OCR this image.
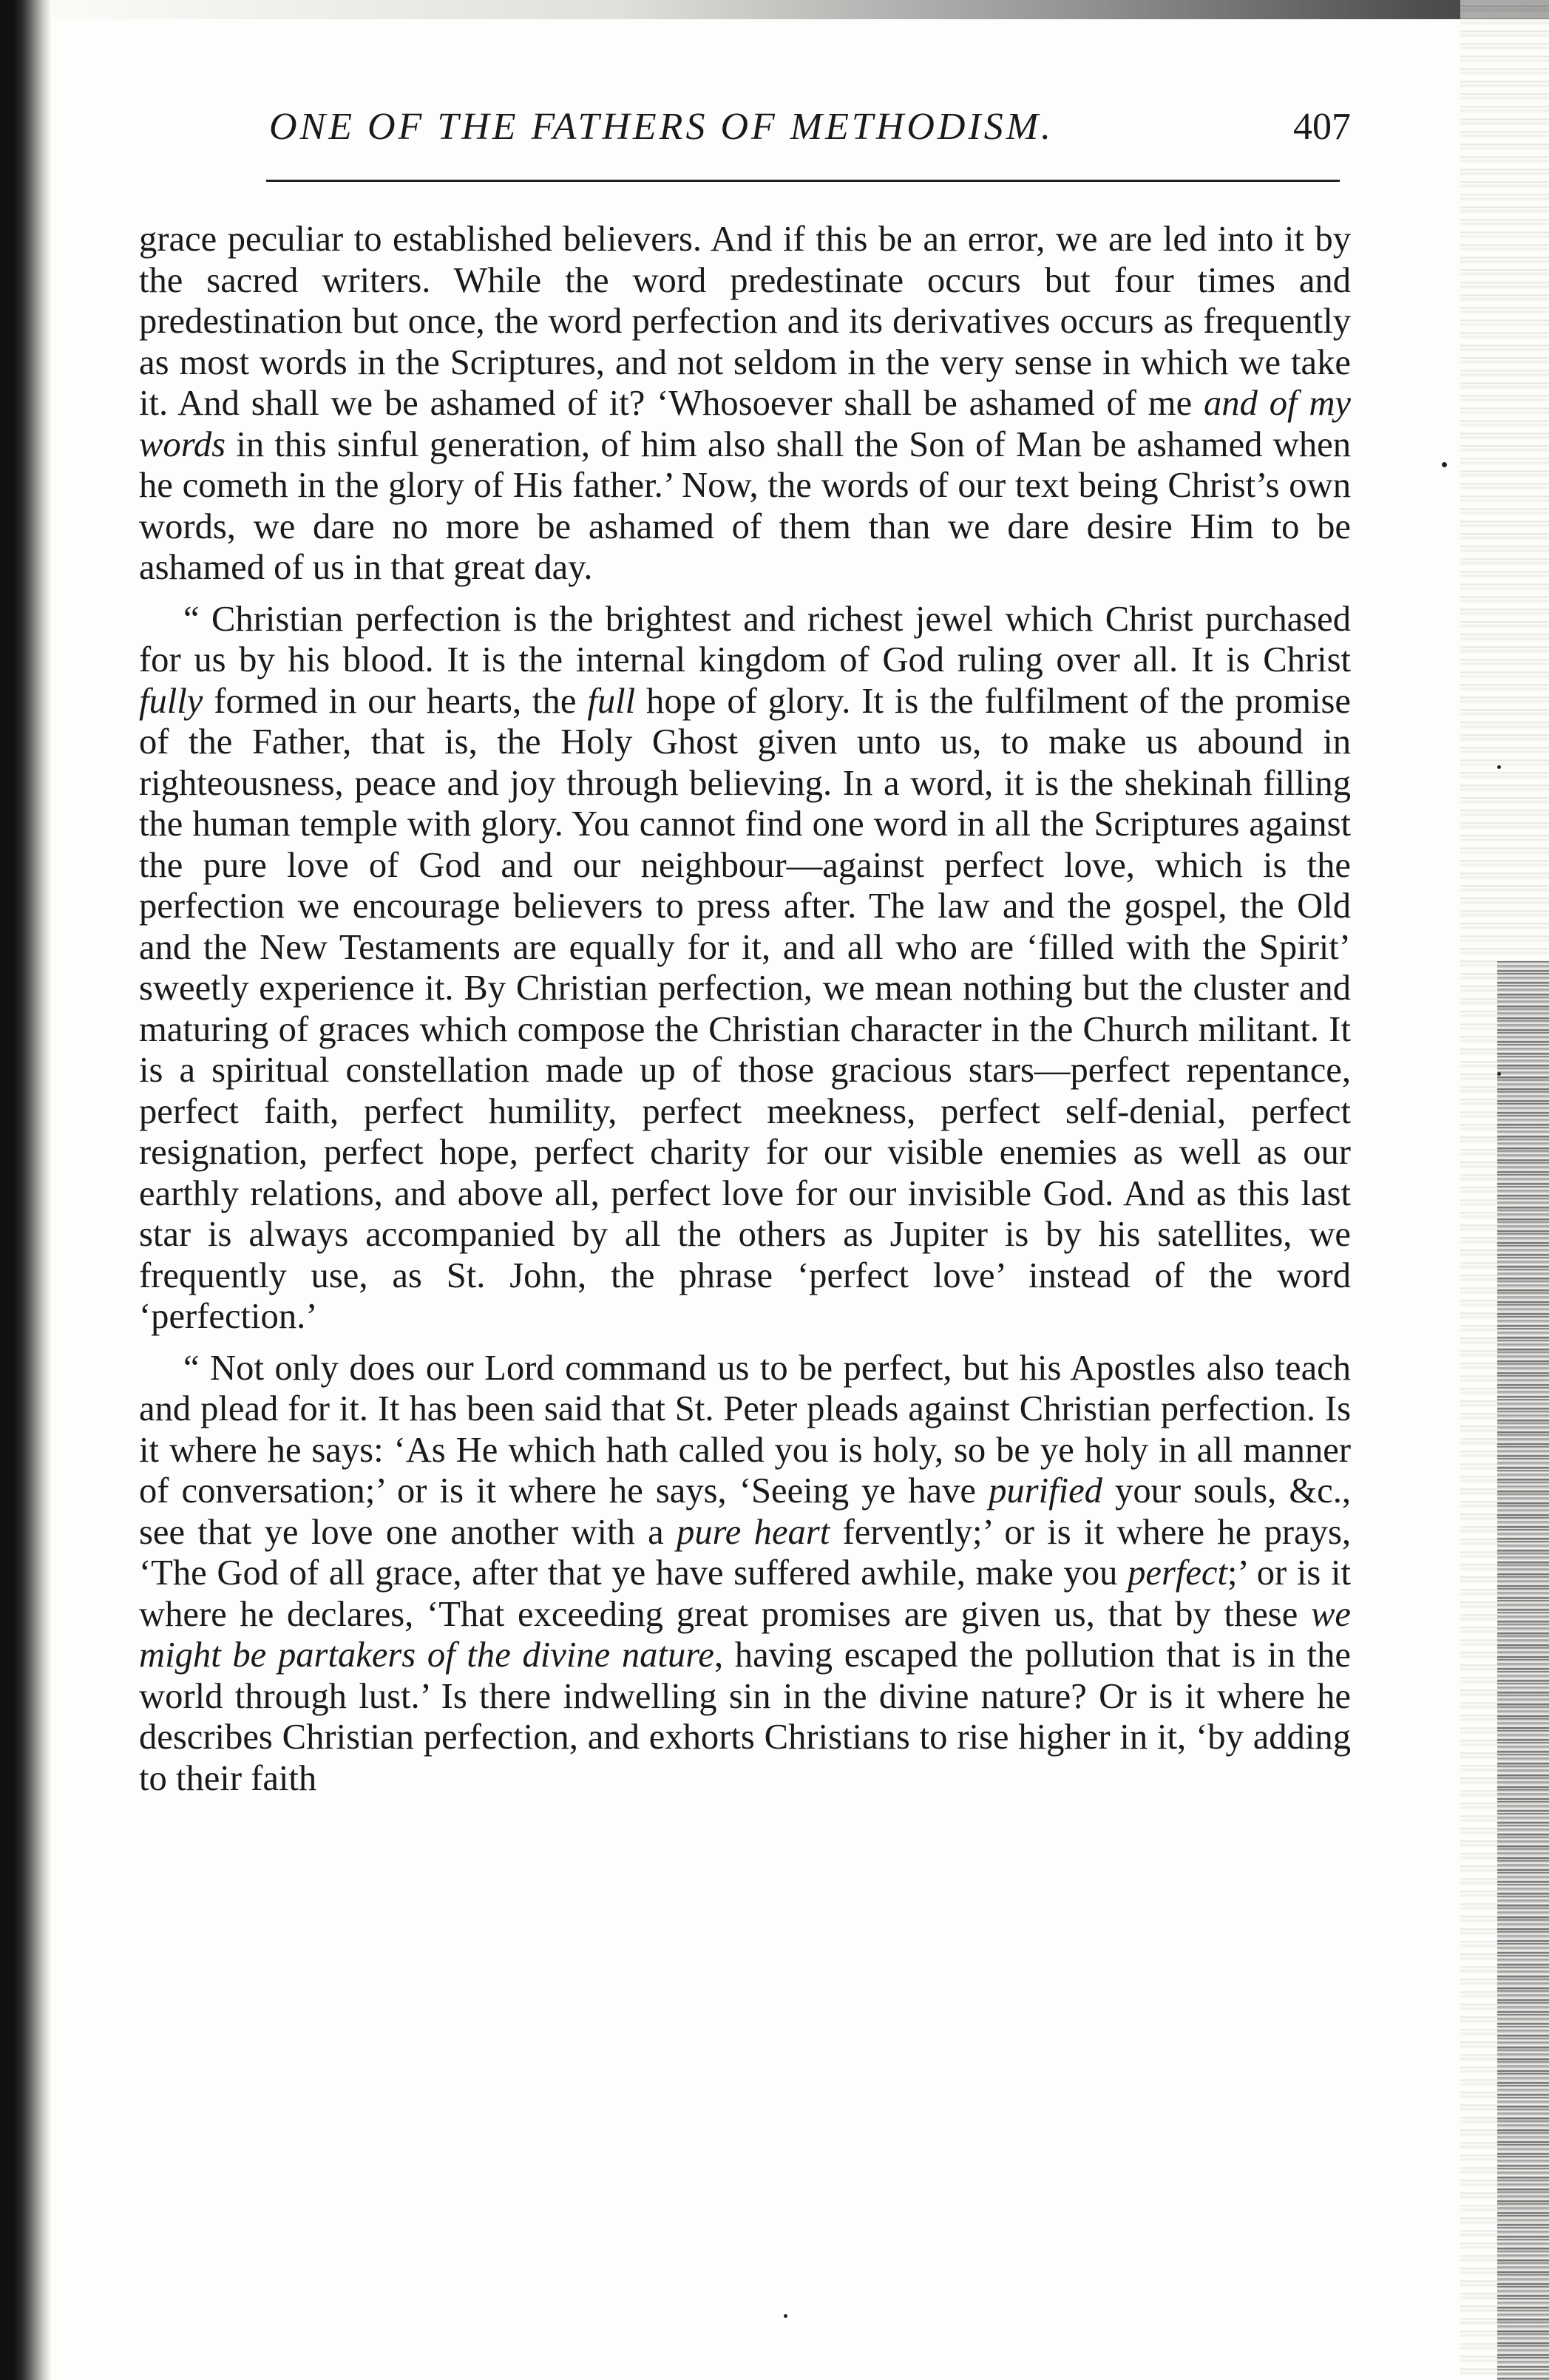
ONE OF THE FATHERS OF METHODISM.	407

grace peculiar to established believers. And if this be an error, we are led into it by the sacred writers. While the word predestinate occurs but four times and predestination but once, the word perfection and its derivatives occurs as frequently as most words in the Scriptures, and not seldom in the very sense in which we take it. And shall we be ashamed of it? ‘Whosoever shall be ashamed of me and of my words in this sinful generation, of him also shall the Son of Man be ashamed when he cometh in the glory of His father.’ Now, the words of our text being Christ’s own words, we dare no more be ashamed of them than we dare desire Him to be ashamed of us in that great day.

“ Christian perfection is the brightest and richest jewel which Christ purchased for us by his blood. It is the internal kingdom of God ruling over all. It is Christ fully formed in our hearts, the full hope of glory. It is the fulfilment of the promise of the Father, that is, the Holy Ghost given unto us, to make us abound in righteousness, peace and joy through believing. In a word, it is the shekinah filling the human temple with glory. You cannot find one word in all the Scriptures against the pure love of God and our neighbour—against perfect love, which is the perfection we encourage believers to press after. The law and the gospel, the Old and the New Testaments are equally for it, and all who are ‘filled with the Spirit’ sweetly experience it. By Christian perfection, we mean nothing but the cluster and maturing of graces which compose the Christian character in the Church militant. It is a spiritual constellation made up of those gracious stars—perfect repentance, perfect faith, perfect humility, perfect meekness, perfect self-denial, perfect resignation, perfect hope, perfect charity for our visible enemies as well as our earthly relations, and above all, perfect love for our invisible God. And as this last star is always accompanied by all the others as Jupiter is by his satellites, we frequently use, as St. John, the phrase ‘perfect love’ instead of the word ‘perfection.’

“ Not only does our Lord command us to be perfect, but his Apostles also teach and plead for it. It has been said that St. Peter pleads against Christian perfection. Is it where he says: ‘As He which hath called you is holy, so be ye holy in all manner of conversation;’ or is it where he says, ‘Seeing ye have purified your souls, &c., see that ye love one another with a pure heart fervently;’ or is it where he prays, ‘The God of all grace, after that ye have suffered awhile, make you perfect;’ or is it where he declares, ‘That exceeding great promises are given us, that by these we might be partakers of the divine nature, having escaped the pollution that is in the world through lust.’ Is there indwelling sin in the divine nature? Or is it where he describes Christian perfection, and exhorts Christians to rise higher in it, ‘by adding to their faith
